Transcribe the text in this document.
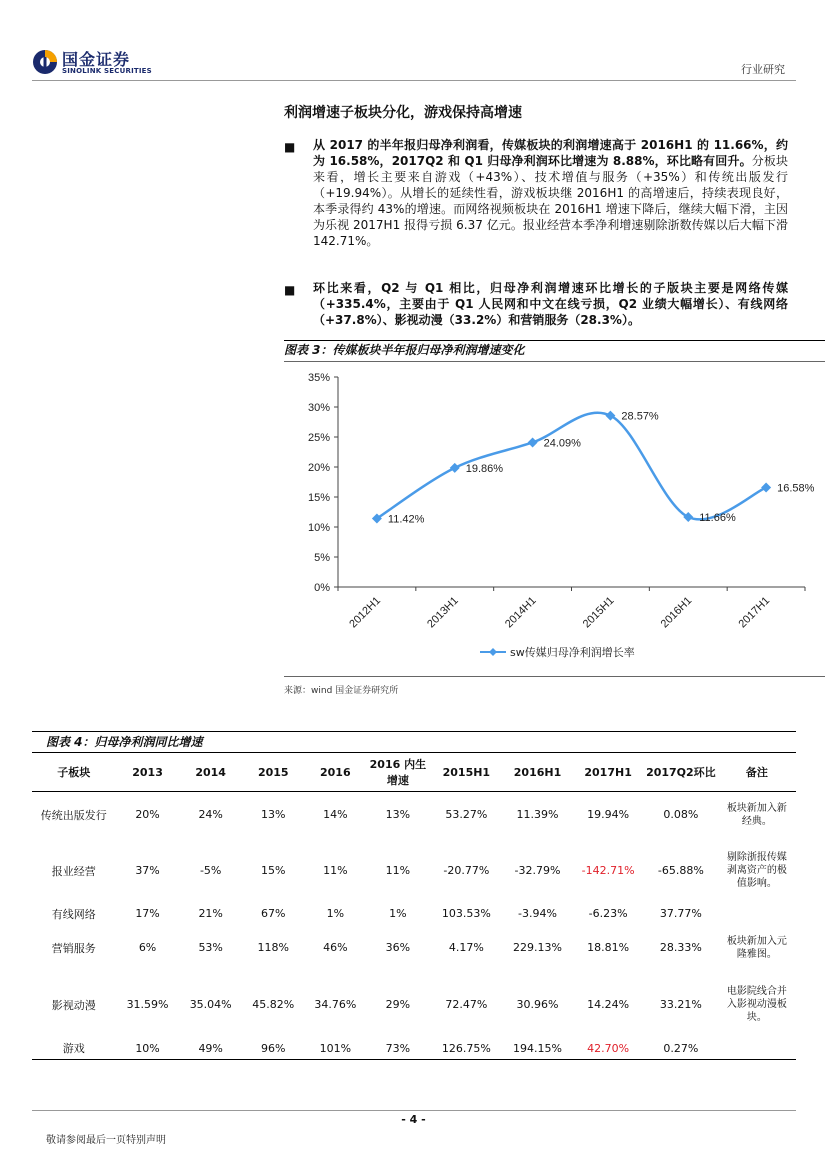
国金证券
SINOLINK SECURITIES	行业研究
利润增速子板块分化，游戏保持高增速
■ 从 2017 的半年报归母净利润看，传媒板块的利润增速高于 2016H1 的 11.66%，约为 16.58%，2017Q2 和 Q1 归母净利润环比增速为 8.88%，环比略有回升。分板块来看，增长主要来自游戏（+43%）、技术增值与服务（+35%）和传统出版发行（+19.94%）。从增长的延续性看，游戏板块继 2016H1 的高增速后，持续表现良好，本季录得约 43%的增速。而网络视频板块在 2016H1 增速下降后，继续大幅下滑，主因为乐视 2017H1 报得亏损 6.37 亿元。报业经营本季净利增速剔除浙数传媒以后大幅下滑 142.71%。
■ 环比来看，Q2 与 Q1 相比，归母净利润增速环比增长的子版块主要是网络传媒（+335.4%，主要由于 Q1 人民网和中文在线亏损，Q2 业绩大幅增长）、有线网络（+37.8%）、影视动漫（33.2%）和营销服务（28.3%）。
图表 3：传媒板块半年报归母净利润增速变化
0%
5%
10%
15%
20%
25%
30%
35%
2012H1	2013H1	2014H1	2015H1	2016H1	2017H1
11.42%
19.86%
24.09%
28.57%
11.66%
16.58%
sw传媒归母净利润增长率
来源：wind 国金证券研究所
图表 4：归母净利润同比增速
子板块	2013	2014	2015	2016	2016 内生增速	2015H1	2016H1	2017H1	2017Q2环比	备注
传统出版发行	20%	24%	13%	14%	13%	53.27%	11.39%	19.94%	0.08%	板块新加入新经典。
报业经营	37%	-5%	15%	11%	11%	-20.77%	-32.79%	-142.71%	-65.88%	剔除浙报传媒剥离资产的极值影响。
有线网络	17%	21%	67%	1%	1%	103.53%	-3.94%	-6.23%	37.77%	
营销服务	6%	53%	118%	46%	36%	4.17%	229.13%	18.81%	28.33%	板块新加入元隆雅图。
影视动漫	31.59%	35.04%	45.82%	34.76%	29%	72.47%	30.96%	14.24%	33.21%	电影院线合并入影视动漫板块。
游戏	10%	49%	96%	101%	73%	126.75%	194.15%	42.70%	0.27%	
- 4 -
敬请参阅最后一页特别声明
